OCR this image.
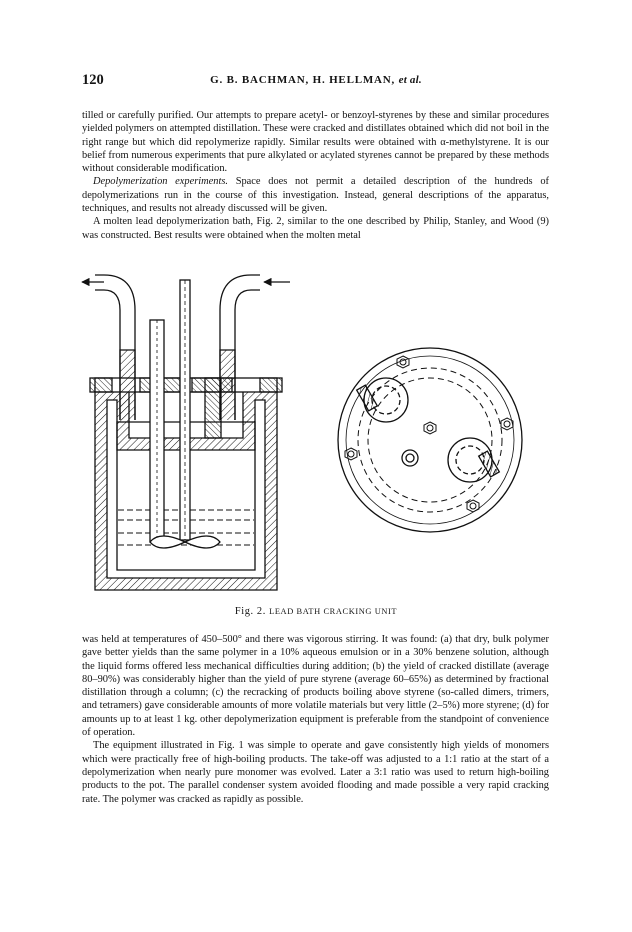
120	G. B. BACHMAN, H. HELLMAN, et al.

tilled or carefully purified. Our attempts to prepare acetyl- or benzoyl-styrenes by these and similar procedures yielded polymers on attempted distillation. These were cracked and distillates obtained which did not boil in the right range but which did repolymerize rapidly. Similar results were obtained with α-methylstyrene. It is our belief from numerous experiments that pure alkylated or acylated styrenes cannot be prepared by these methods without considerable modification.

Depolymerization experiments. Space does not permit a detailed description of the hundreds of depolymerizations run in the course of this investigation. Instead, general descriptions of the apparatus, techniques, and results not already discussed will be given.

A molten lead depolymerization bath, Fig. 2, similar to the one described by Philip, Stanley, and Wood (9) was constructed. Best results were obtained when the molten metal

Fig. 2. LEAD BATH CRACKING UNIT

was held at temperatures of 450–500° and there was vigorous stirring. It was found: (a) that dry, bulk polymer gave better yields than the same polymer in a 10% aqueous emulsion or in a 30% benzene solution, although the liquid forms offered less mechanical difficulties during addition; (b) the yield of cracked distillate (average 80–90%) was considerably higher than the yield of pure styrene (average 60–65%) as determined by fractional distillation through a column; (c) the recracking of products boiling above styrene (so-called dimers, trimers, and tetramers) gave considerable amounts of more volatile materials but very little (2–5%) more styrene; (d) for amounts up to at least 1 kg. other depolymerization equipment is preferable from the standpoint of convenience of operation.

The equipment illustrated in Fig. 1 was simple to operate and gave consistently high yields of monomers which were practically free of high-boiling products. The take-off was adjusted to a 1:1 ratio at the start of a depolymerization when nearly pure monomer was evolved. Later a 3:1 ratio was used to return high-boiling products to the pot. The parallel condenser system avoided flooding and made possible a very rapid cracking rate. The polymer was cracked as rapidly as possible.
